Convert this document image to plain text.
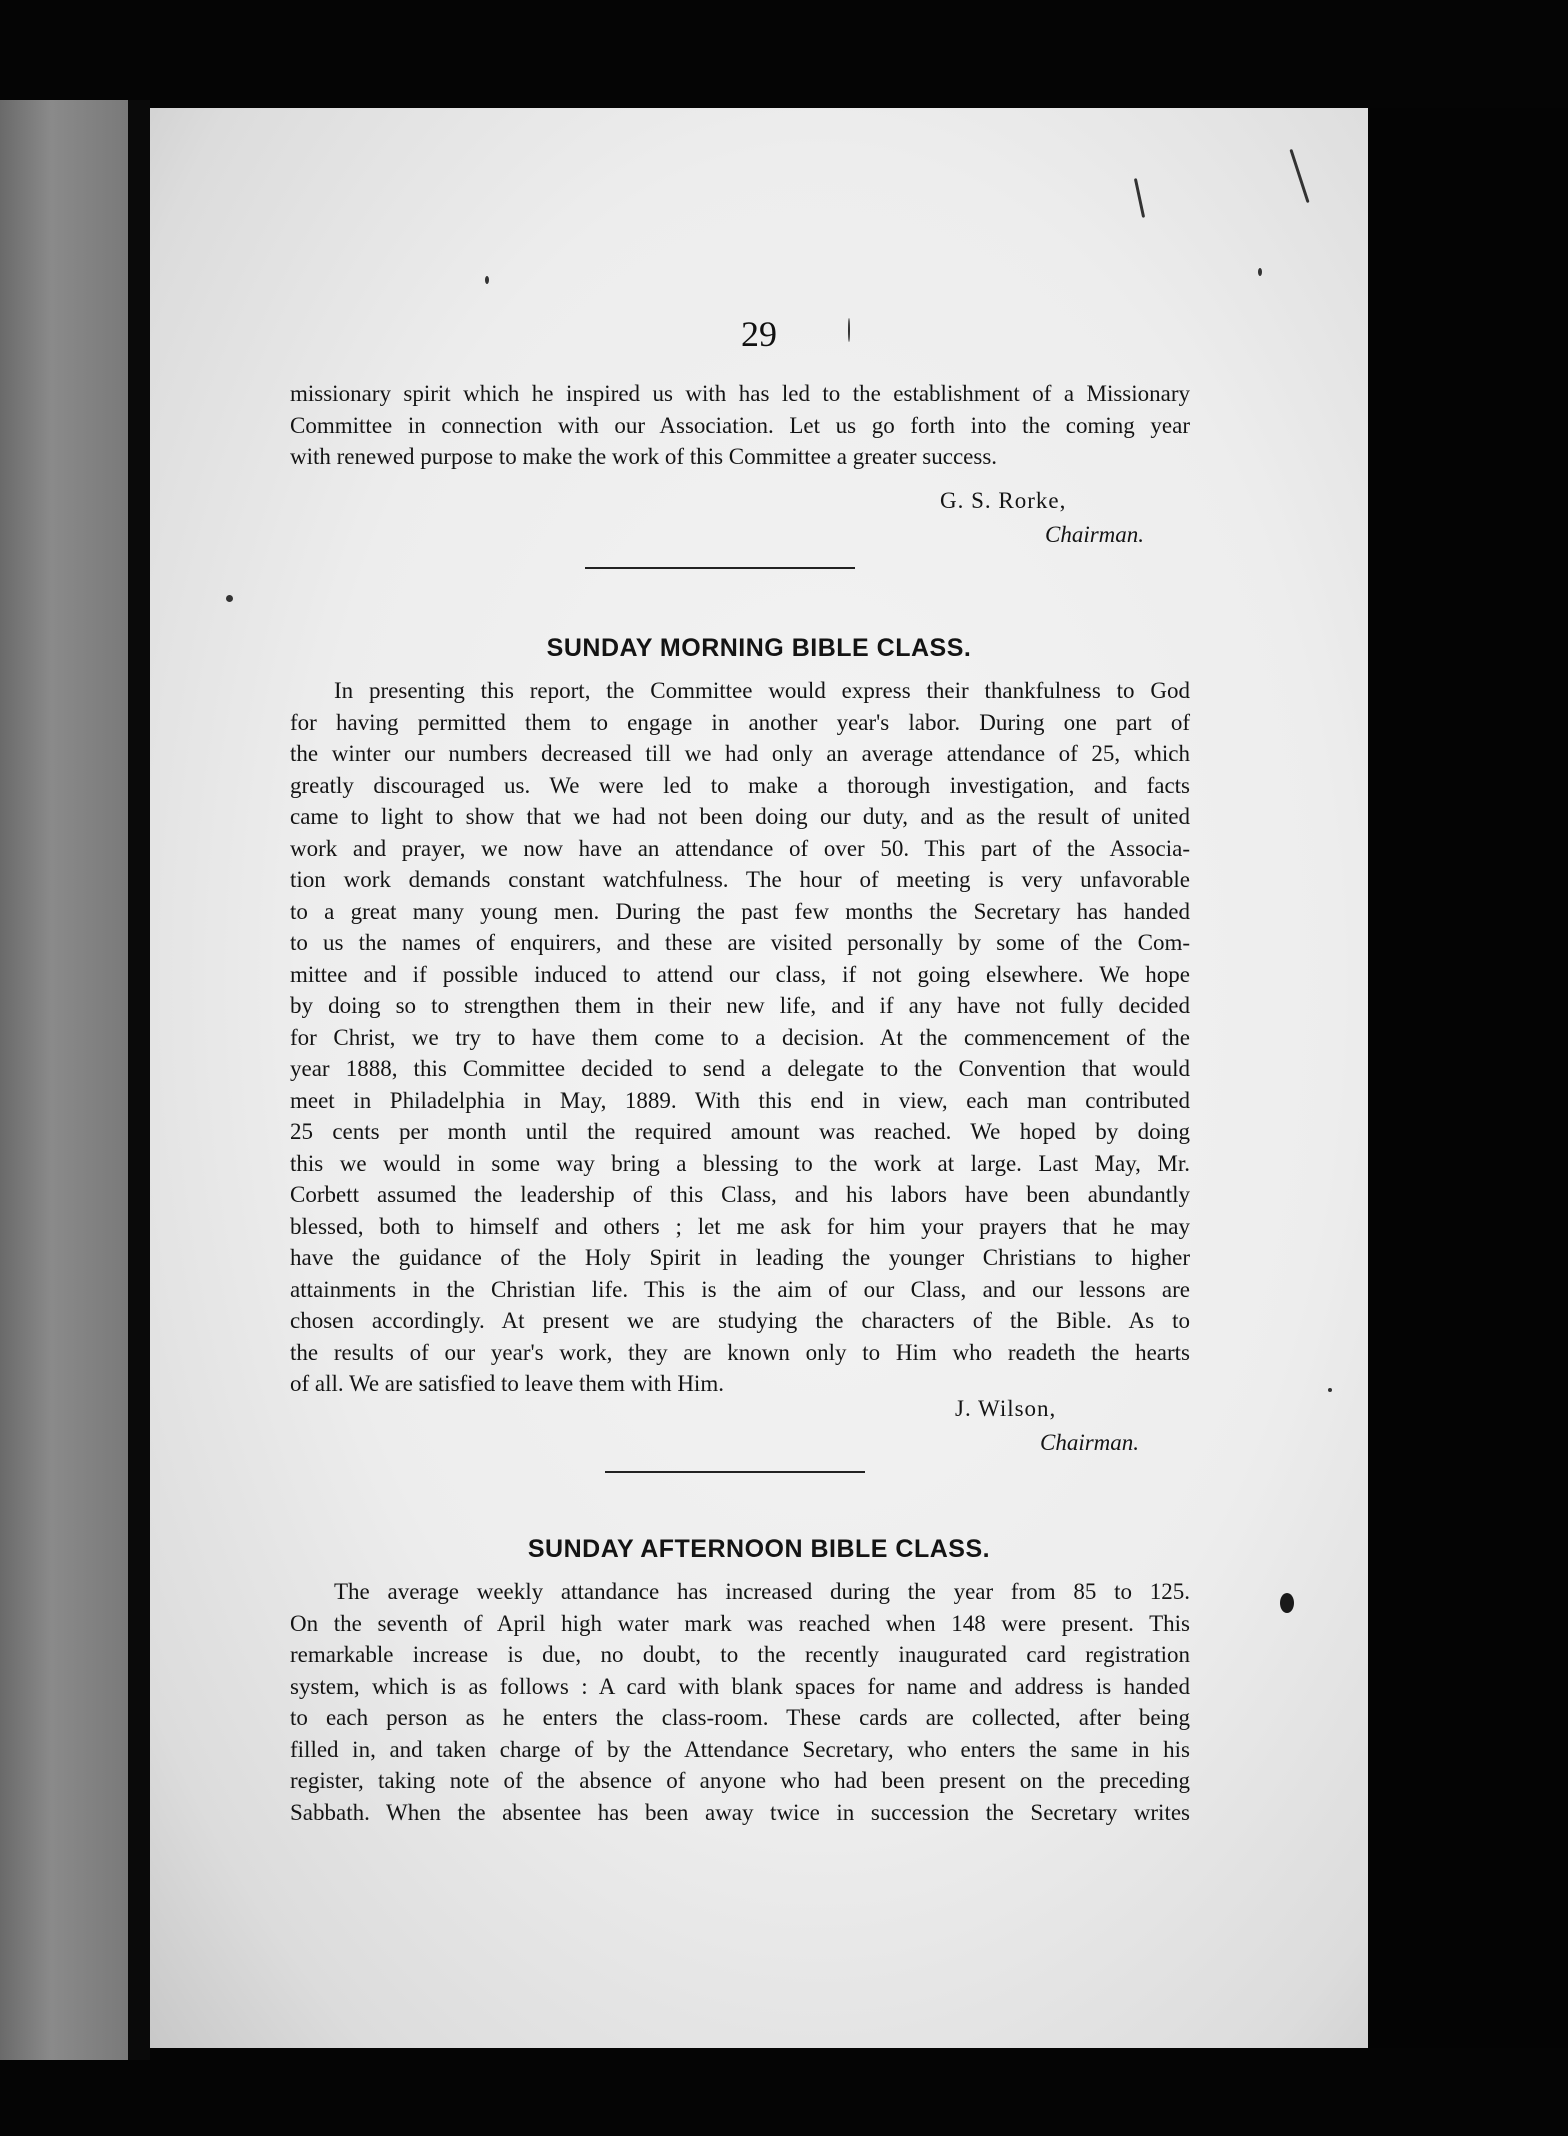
29
missionary spirit which he inspired us with has led to the establishment of a Missionary
Committee in connection with our Association. Let us go forth into the coming year
with renewed purpose to make the work of this Committee a greater success.
G. S. Rorke,
Chairman.
SUNDAY MORNING BIBLE CLASS.
In presenting this report, the Committee would express their thankfulness to God
for having permitted them to engage in another year's labor. During one part of
the winter our numbers decreased till we had only an average attendance of 25, which
greatly discouraged us. We were led to make a thorough investigation, and facts
came to light to show that we had not been doing our duty, and as the result of united
work and prayer, we now have an attendance of over 50. This part of the Associa-
tion work demands constant watchfulness. The hour of meeting is very unfavorable
to a great many young men. During the past few months the Secretary has handed
to us the names of enquirers, and these are visited personally by some of the Com-
mittee and if possible induced to attend our class, if not going elsewhere. We hope
by doing so to strengthen them in their new life, and if any have not fully decided
for Christ, we try to have them come to a decision. At the commencement of the
year 1888, this Committee decided to send a delegate to the Convention that would
meet in Philadelphia in May, 1889. With this end in view, each man contributed
25 cents per month until the required amount was reached. We hoped by doing
this we would in some way bring a blessing to the work at large. Last May, Mr.
Corbett assumed the leadership of this Class, and his labors have been abundantly
blessed, both to himself and others ; let me ask for him your prayers that he may
have the guidance of the Holy Spirit in leading the younger Christians to higher
attainments in the Christian life. This is the aim of our Class, and our lessons are
chosen accordingly. At present we are studying the characters of the Bible. As to
the results of our year's work, they are known only to Him who readeth the hearts
of all. We are satisfied to leave them with Him.
J. Wilson,
Chairman.
SUNDAY AFTERNOON BIBLE CLASS.
The average weekly attandance has increased during the year from 85 to 125.
On the seventh of April high water mark was reached when 148 were present. This
remarkable increase is due, no doubt, to the recently inaugurated card registration
system, which is as follows : A card with blank spaces for name and address is handed
to each person as he enters the class-room. These cards are collected, after being
filled in, and taken charge of by the Attendance Secretary, who enters the same in his
register, taking note of the absence of anyone who had been present on the preceding
Sabbath. When the absentee has been away twice in succession the Secretary writes
